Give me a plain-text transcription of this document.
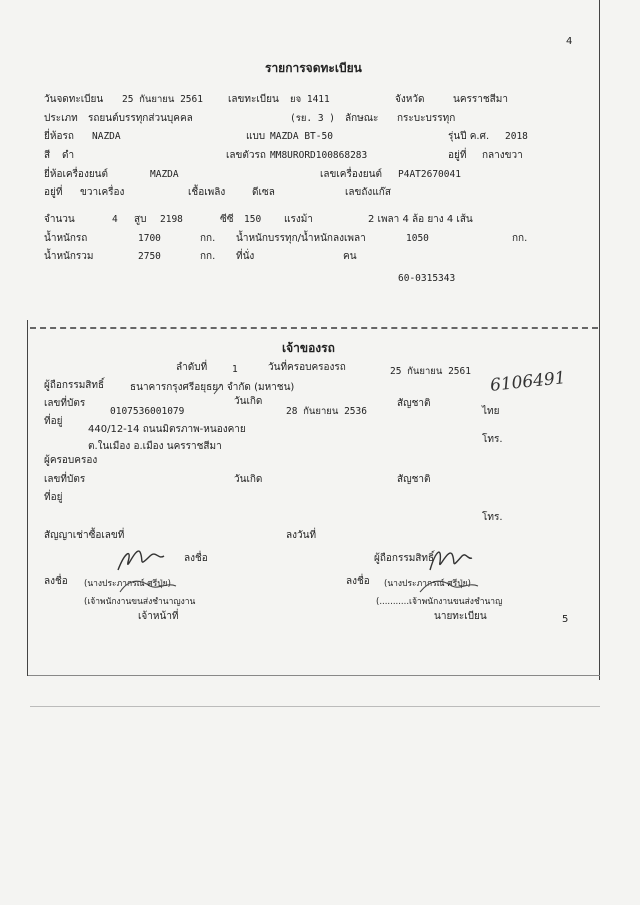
4
5
รายการจดทะเบียน
วันจดทะเบียน 25 กันยายน 2561	เลขทะเบียน ยจ 1411	จังหวัด	นครราชสีมา
ประเภท รถยนต์บรรทุกส่วนบุคคล	(รย. 3 ) ลักษณะ กระบะบรรทุก
ยี่ห้อรถ NAZDA	แบบ MAZDA BT-50	รุ่นปี ค.ศ. 2018
สี ดำ	เลขตัวรถ MM8URORD100868283	อยู่ที่ กลางขวา
ยี่ห้อเครื่องยนต์	MAZDA	เลขเครื่องยนต์ P4AT2670041
อยู่ที่ ขวาเครื่อง	เชื้อเพลิง	ดีเซล	เลขถังแก๊ส
จำนวน	4 สูบ 2198	ซีซี 150 แรงม้า	2 เพลา 4 ล้อ ยาง 4 เส้น
น้ำหนักรถ	1700	กก. น้ำหนักบรรทุก/น้ำหนักลงเพลา	1050	กก.
น้ำหนักรวม	2750	กก. ที่นั่ง	คน
60-0315343
เจ้าของรถ
ลำดับที่	1	วันที่ครอบครองรถ	25 กันยายน 2561
ผู้ถือกรรมสิทธิ์	ธนาคารกรุงศรีอยุธยา จำกัด (มหาชน)	6106491
เลขที่บัตร	วันเกิด	สัญชาติ
0107536001079	28 กันยายน 2536	ไทย
ที่อยู่
440/12-14 ถนนมิตรภาพ-หนองคาย
โทร.
ต.ในเมือง อ.เมือง นครราชสีมา
ผู้ครอบครอง
เลขที่บัตร	วันเกิด	สัญชาติ
ที่อยู่
โทร.
สัญญาเช่าซื้อเลขที่	ลงวันที่
ลงชื่อ	ผู้ถือกรรมสิทธิ์
ลงชื่อ (นางประภากรณ์ ศรีปุ่ย)	ลงชื่อ (นางประภากรณ์ ศรีปุ่ย)
(เจ้าพนักงานขนส่งชำนาญงาน	(...........เจ้าพนักงานขนส่งชำนาญ
เจ้าหน้าที่	นายทะเบียน
